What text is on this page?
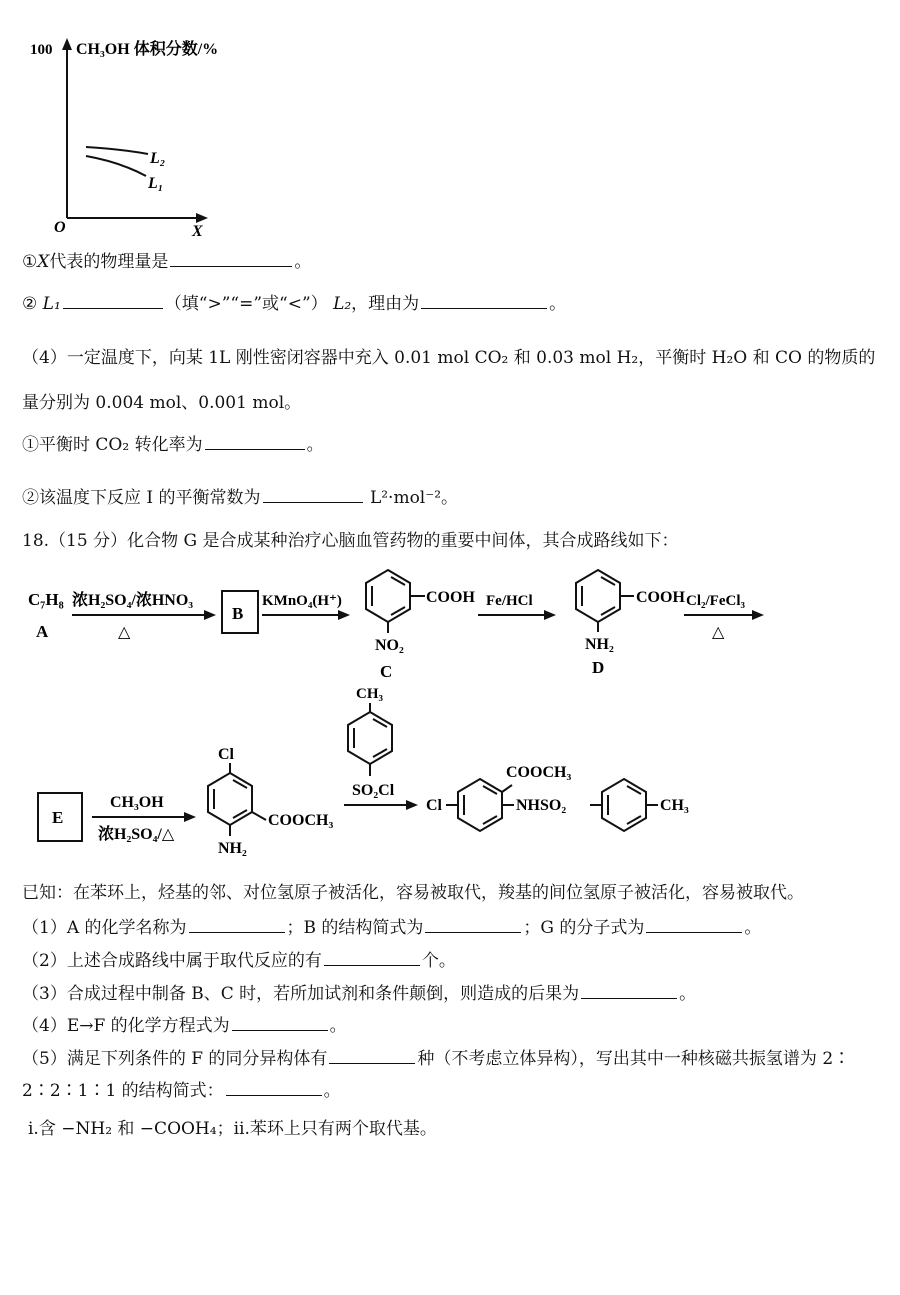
100 CH₃OH 体积分数/%
O	X
L₂
L₁
①X代表的物理量是	。
② L₁	（填“>”“=”或“<”） L₂，理由为	。
（4）一定温度下，向某 1L 刚性密闭容器中充入 0.01 mol CO₂ 和 0.03 mol H₂，平衡时 H₂O 和 CO 的物质的
量分别为 0.004 mol、0.001 mol。
①平衡时 CO₂ 转化率为	。
②该温度下反应 I 的平衡常数为	L²·mol⁻²。
18.（15 分）化合物 G 是合成某种治疗心脑血管药物的重要中间体，其合成路线如下：
C₇H₈
A
浓H₂SO₄/浓HNO₃
△
B
KMnO₄(H⁺)	COOH
NO₂
C
Fe/HCl	COOH
NH₂
D
Cl₂/FeCl₃
△
E
CH₃OH
浓H₂SO₄/△
Cl
COOCH₃
NH₂
CH₃
SO₂Cl
Cl
COOCH₃
NHSO₂	CH₃
已知：在苯环上，烃基的邻、对位氢原子被活化，容易被取代，羧基的间位氢原子被活化，容易被取代。
（1）A 的化学名称为	；B 的结构简式为	；G 的分子式为	。
（2）上述合成路线中属于取代反应的有	个。
（3）合成过程中制备 B、C 时，若所加试剂和条件颠倒，则造成的后果为	。
（4）E→F 的化学方程式为	。
（5）满足下列条件的 F 的同分异构体有	种（不考虑立体异构），写出其中一种核磁共振氢谱为 2∶
2∶2∶1∶1 的结构简式：	。
ⅰ.含 −NH₂ 和 −COOH₄；ⅱ.苯环上只有两个取代基。
